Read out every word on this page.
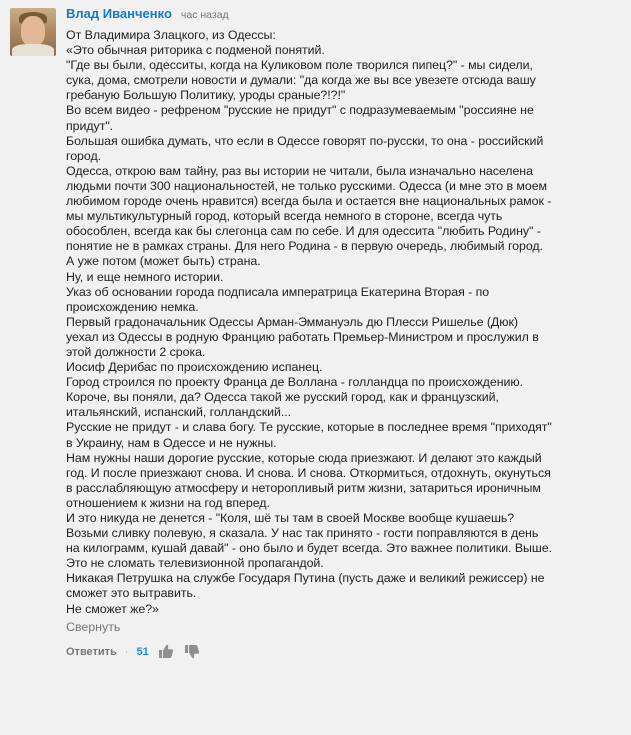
Влад Иванченко час назад
От Владимира Злацкого, из Одессы:
«Это обычная риторика с подменой понятий.
"Где вы были, одесситы, когда на Куликовом поле творился пипец?" - мы сидели,
сука, дома, смотрели новости и думали: "да когда же вы все увезете отсюда вашу
гребаную Большую Политику, уроды сраные?!?!"
Во всем видео - рефреном "русские не придут" с подразумеваемым "россияне не
придут".
Большая ошибка думать, что если в Одессе говорят по-русски, то она - российский
город.
Одесса, открою вам тайну, раз вы истории не читали, была изначально населена
людьми почти 300 национальностей, не только русскими. Одесса (и мне это в моем
любимом городе очень нравится) всегда была и остается вне национальных рамок -
мы мультикультурный город, который всегда немного в стороне, всегда чуть
обособлен, всегда как бы слегонца сам по себе. И для одессита "любить Родину" -
понятие не в рамках страны. Для него Родина - в первую очередь, любимый город.
А уже потом (может быть) страна.
Ну, и еще немного истории.
Указ об основании города подписала императрица Екатерина Вторая - по
происхождению немка.
Первый градоначальник Одессы Арман-Эммануэль дю Плесси Ришелье (Дюк)
уехал из Одессы в родную Францию работать Премьер-Министром и прослужил в
этой должности 2 срока.
Иосиф Дерибас по происхождению испанец.
Город строился по проекту Франца де Воллана - голландца по происхождению.
Короче, вы поняли, да? Одесса такой же русский город, как и французский,
итальянский, испанский, голландский...
Русские не придут - и слава богу. Те русские, которые в последнее время "приходят"
в Украину, нам в Одессе и не нужны.
Нам нужны наши дорогие русские, которые сюда приезжают. И делают это каждый
год. И после приезжают снова. И снова. И снова. Откормиться, отдохнуть, окунуться
в расслабляющую атмосферу и неторопливый ритм жизни, затариться ироничным
отношением к жизни на год вперед.
И это никуда не денется - "Коля, шё ты там в своей Москве вообще кушаешь?
Возьми сливку полевую, я сказала. У нас так принято - гости поправляются в день
на килограмм, кушай давай" - оно было и будет всегда. Это важнее политики. Выше.
Это не сломать телевизионной пропагандой.
Никакая Петрушка на службе Государя Путина (пусть даже и великий режиссер) не
сможет это вытравить.
Не сможет же?»
Свернуть
Ответить · 51
